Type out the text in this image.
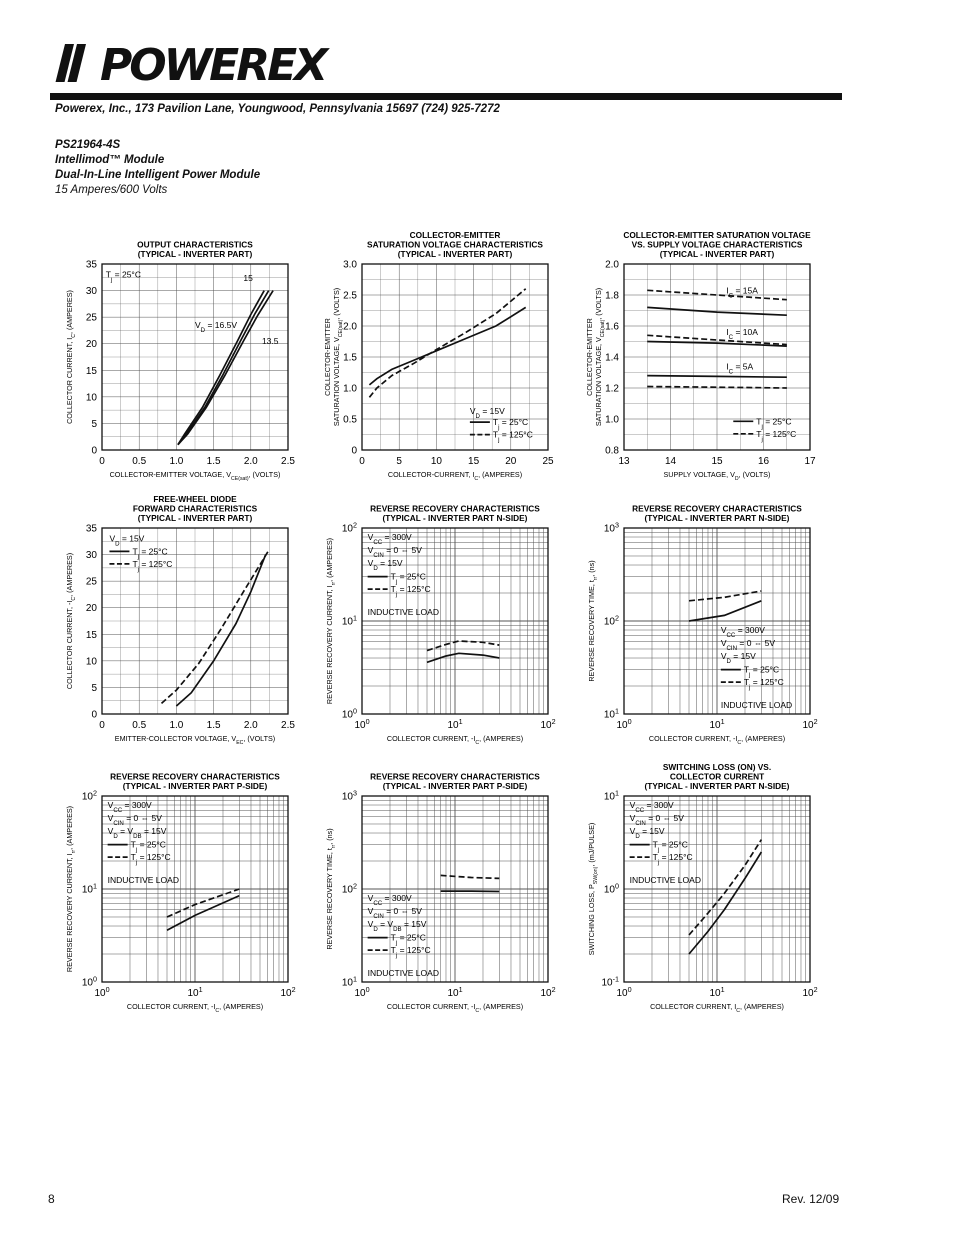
POWEREX
Powerex, Inc., 173 Pavilion Lane, Youngwood, Pennsylvania 15697 (724) 925-7272
PS21964-4S
Intellimod™ Module
Dual-In-Line Intelligent Power Module
15 Amperes/600 Volts
OUTPUT CHARACTERISTICS
(TYPICAL - INVERTER PART)
0	0.5 1.0 1.5 2.0 2.5
0
5
10
15
20
25
30
35
COLLECTOR-EMITTER VOLTAGE, $V_{CE(sat)}$, (VOLTS)
COLLECTOR CURRENT, $I_C$, (AMPERES)
$T_j = 25^\circ C$	15
$V_D = 16.5V$
13.5
COLLECTOR-EMITTER
SATURATION VOLTAGE CHARACTERISTICS
(TYPICAL - INVERTER PART)
0	5	10	15	20	25
0
0.5
1.0
1.5
2.0
2.5
3.0
COLLECTOR-CURRENT, $I_C$, (AMPERES)
COLLECTOR-EMITTER SATURATION VOLTAGE, $V_{CE(sat)}$, (VOLTS)
$V_D = 15V$
$T_j = 25^\circ C$
$T_j = 125^\circ C$
COLLECTOR-EMITTER SATURATION VOLTAGE
VS. SUPPLY VOLTAGE CHARACTERISTICS
(TYPICAL - INVERTER PART)
13	14	15	16	17
0.8
1.0
1.2
1.4
1.6
1.8
2.0
SUPPLY VOLTAGE, $V_D$, (VOLTS)
COLLECTOR-EMITTER SATURATION VOLTAGE, $V_{CE(sat)}$, (VOLTS)	$I_C = 15A$
$I_C = 10A$
$I_C = 5A$
$T_j = 25^\circ C$
$T_j = 125^\circ C$
FREE-WHEEL DIODE
FORWARD CHARACTERISTICS
(TYPICAL - INVERTER PART)
0	0.5 1.0 1.5 2.0 2.5
0
5
10
15
20
25
30
35
EMITTER-COLLECTOR VOLTAGE, $V_{EC}$, (VOLTS)
COLLECTOR CURRENT, $-I_C$, (AMPERES)
$V_D = 15V$
$T_j = 25^\circ C$
$T_j = 125^\circ C$
REVERSE RECOVERY CHARACTERISTICS
(TYPICAL - INVERTER PART N-SIDE)
$10^0$	$10^1$	$10^2$
$10^0$
$10^1$
$10^2$
COLLECTOR CURRENT, $-I_C$, (AMPERES)
REVERSE RECOVERY CURRENT, $I_{rr}$, (AMPERES)
$V_{CC} = 300V$
$V_{CIN} = 0$ ⇔ 5V
$V_D = 15V$
INDUCTIVE LOAD
$T_j = 25^\circ C$
$T_j = 125^\circ C$
REVERSE RECOVERY CHARACTERISTICS
(TYPICAL - INVERTER PART N-SIDE)
$10^0$	$10^1$	$10^2$
$10^1$
$10^2$
$10^3$
COLLECTOR CURRENT, $-I_C$, (AMPERES)
REVERSE RECOVERY TIME, $t_{rr}$, (ns)
$V_{CC} = 300V$
$V_{CIN} = 0$ ⇔ 5V
$V_D = 15V$
INDUCTIVE LOAD
$T_j = 25^\circ C$
$T_j = 125^\circ C$
REVERSE RECOVERY CHARACTERISTICS
(TYPICAL - INVERTER PART P-SIDE)
$10^0$	$10^1$	$10^2$
$10^0$
$10^1$
$10^2$
COLLECTOR CURRENT, $-I_C$, (AMPERES)
REVERSE RECOVERY CURRENT, $I_{rr}$, (AMPERES)
$V_{CC} = 300V$
$V_{CIN} = 0$ ⇔ 5V
$V_D = V_{DB} = 15V$
INDUCTIVE LOAD
$T_j = 25^\circ C$
$T_j = 125^\circ C$
REVERSE RECOVERY CHARACTERISTICS
(TYPICAL - INVERTER PART P-SIDE)
$10^0$	$10^1$	$10^2$
$10^1$
$10^2$
$10^3$
COLLECTOR CURRENT, $-I_C$, (AMPERES)
REVERSE RECOVERY TIME, $t_{rr}$, (ns)
$V_{CC} = 300V$
$V_{CIN} = 0$ ⇔ 5V
$V_D = V_{DB} = 15V$
INDUCTIVE LOAD
$T_j = 25^\circ C$
$T_j = 125^\circ C$
SWITCHING LOSS (ON) VS.
COLLECTOR CURRENT
(TYPICAL - INVERTER PART N-SIDE)
$10^0$	$10^1$	$10^2$
$10^{-1}$
$10^0$
$10^1$
COLLECTOR CURRENT, $I_C$, (AMPERES)
SWITCHING LOSS, $P_{SW(on)}$, (mJ/PULSE)
$V_{CC} = 300V$
$V_{CIN} = 0$ ⇔ 5V
$V_D = 15V$
INDUCTIVE LOAD
$T_j = 25^\circ C$
$T_j = 125^\circ C$
8	Rev. 12/09
